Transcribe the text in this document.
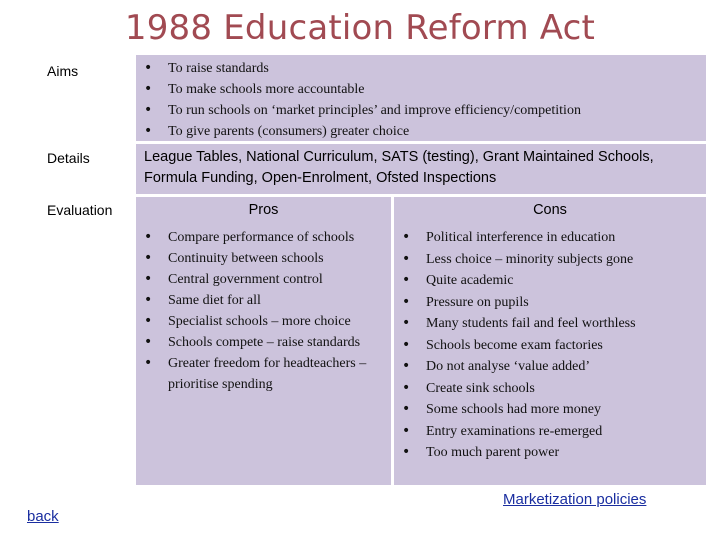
1988 Education Reform Act
Aims
•	To raise standards
• To make schools more accountable
• To run schools on ‘market principles’ and improve efficiency/competition
• To give parents (consumers) greater choice
Details	League Tables, National Curriculum, SATS (testing), Grant Maintained Schools, Formula Funding, Open-Enrolment, Ofsted Inspections
Evaluation	Pros
• Compare performance of schools
• Continuity between schools
• Central government control
• Same diet for all
• Specialist schools – more choice
• Schools compete – raise standards
• Greater freedom for headteachers – prioritise spending
Cons
• Political interference in education
• Less choice – minority subjects gone
• Quite academic
• Pressure on pupils
• Many students fail and feel worthless
• Schools become exam factories
• Do not analyse ‘value added’
• Create sink schools
• Some schools had more money
• Entry examinations re-emerged
• Too much parent power
back
Marketization policies
